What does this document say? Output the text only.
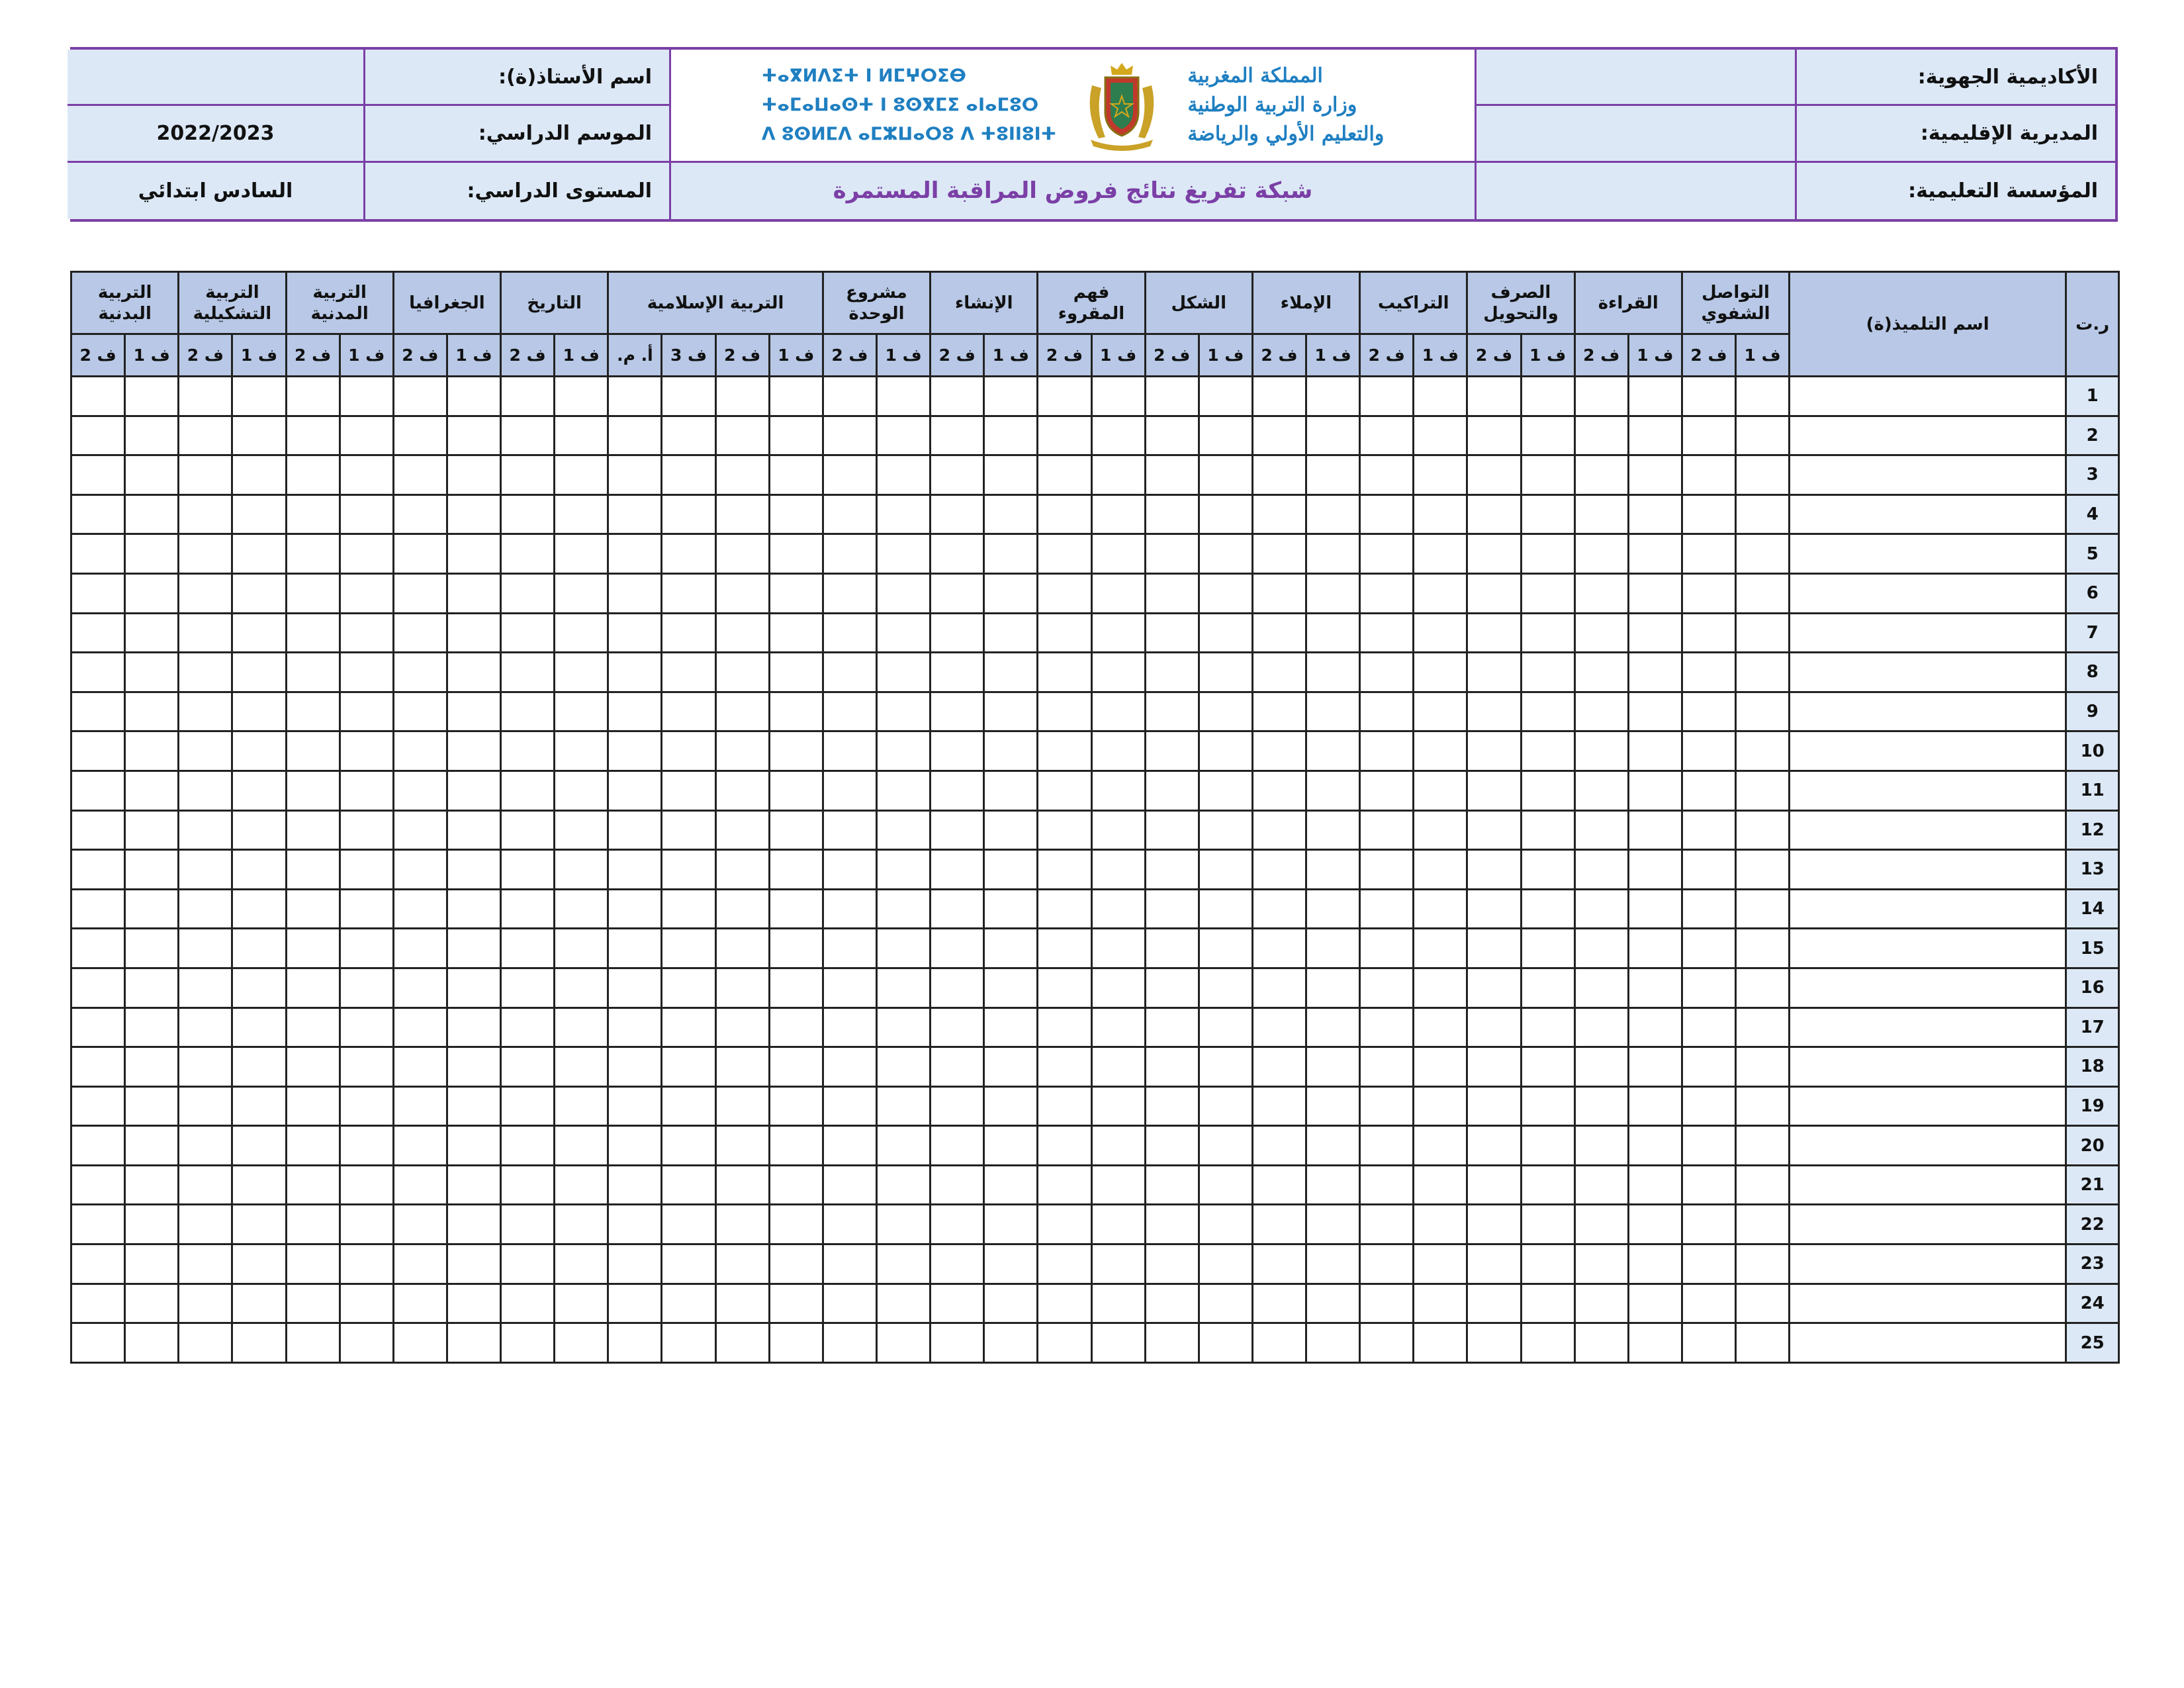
الأكاديمية الجهوية:
المملكة المغربية
وزارة التربية الوطنية
والتعليم الأولي والرياضة
ⵜⴰⴳⵍⴷⵉⵜ ⵏ ⵍⵎⵖⵔⵉⴱ
ⵜⴰⵎⴰⵡⴰⵙⵜ ⵏ ⵓⵙⴳⵎⵉ ⴰⵏⴰⵎⵓⵔ
ⴷ ⵓⵙⵍⵎⴷ ⴰⵎⵣⵡⴰⵔⵓ ⴷ ⵜⵓⵏⵏⵓⵏⵜ
اسم الأستاذ(ة):
المديرية الإقليمية:
الموسم الدراسي:
2022/2023
المؤسسة التعليمية:
شبكة تفريغ نتائج فروض المراقبة المستمرة
المستوى الدراسي:
السادس ابتدائي
ر.ت	اسم التلميذ(ة)	التواصل الشفوي		القراءة		الصرف والتحويل		التراكيب		الإملاء		الشكل		فهم المقروء		الإنشاء		مشروع الوحدة		التربية الإسلامية				التاريخ		الجغرافيا		التربية المدنية		التربية التشكيلية		التربية البدنية	
		ف 1	ف 2	ف 1	ف 2	ف 1	ف 2	ف 1	ف 2	ف 1	ف 2	ف 1	ف 2	ف 1	ف 2	ف 1	ف 2	ف 1	ف 2	ف 1	ف 2	ف 3	أ. م.	ف 1	ف 2	ف 1	ف 2	ف 1	ف 2	ف 1	ف 2	ف 1	ف 2
1																																	
2																																	
3																																	
4																																	
5																																	
6																																	
7																																	
8																																	
9																																	
10																																	
11																																	
12																																	
13																																	
14																																	
15																																	
16																																	
17																																	
18																																	
19																																	
20																																	
21																																	
22																																	
23																																	
24																																	
25																																	
